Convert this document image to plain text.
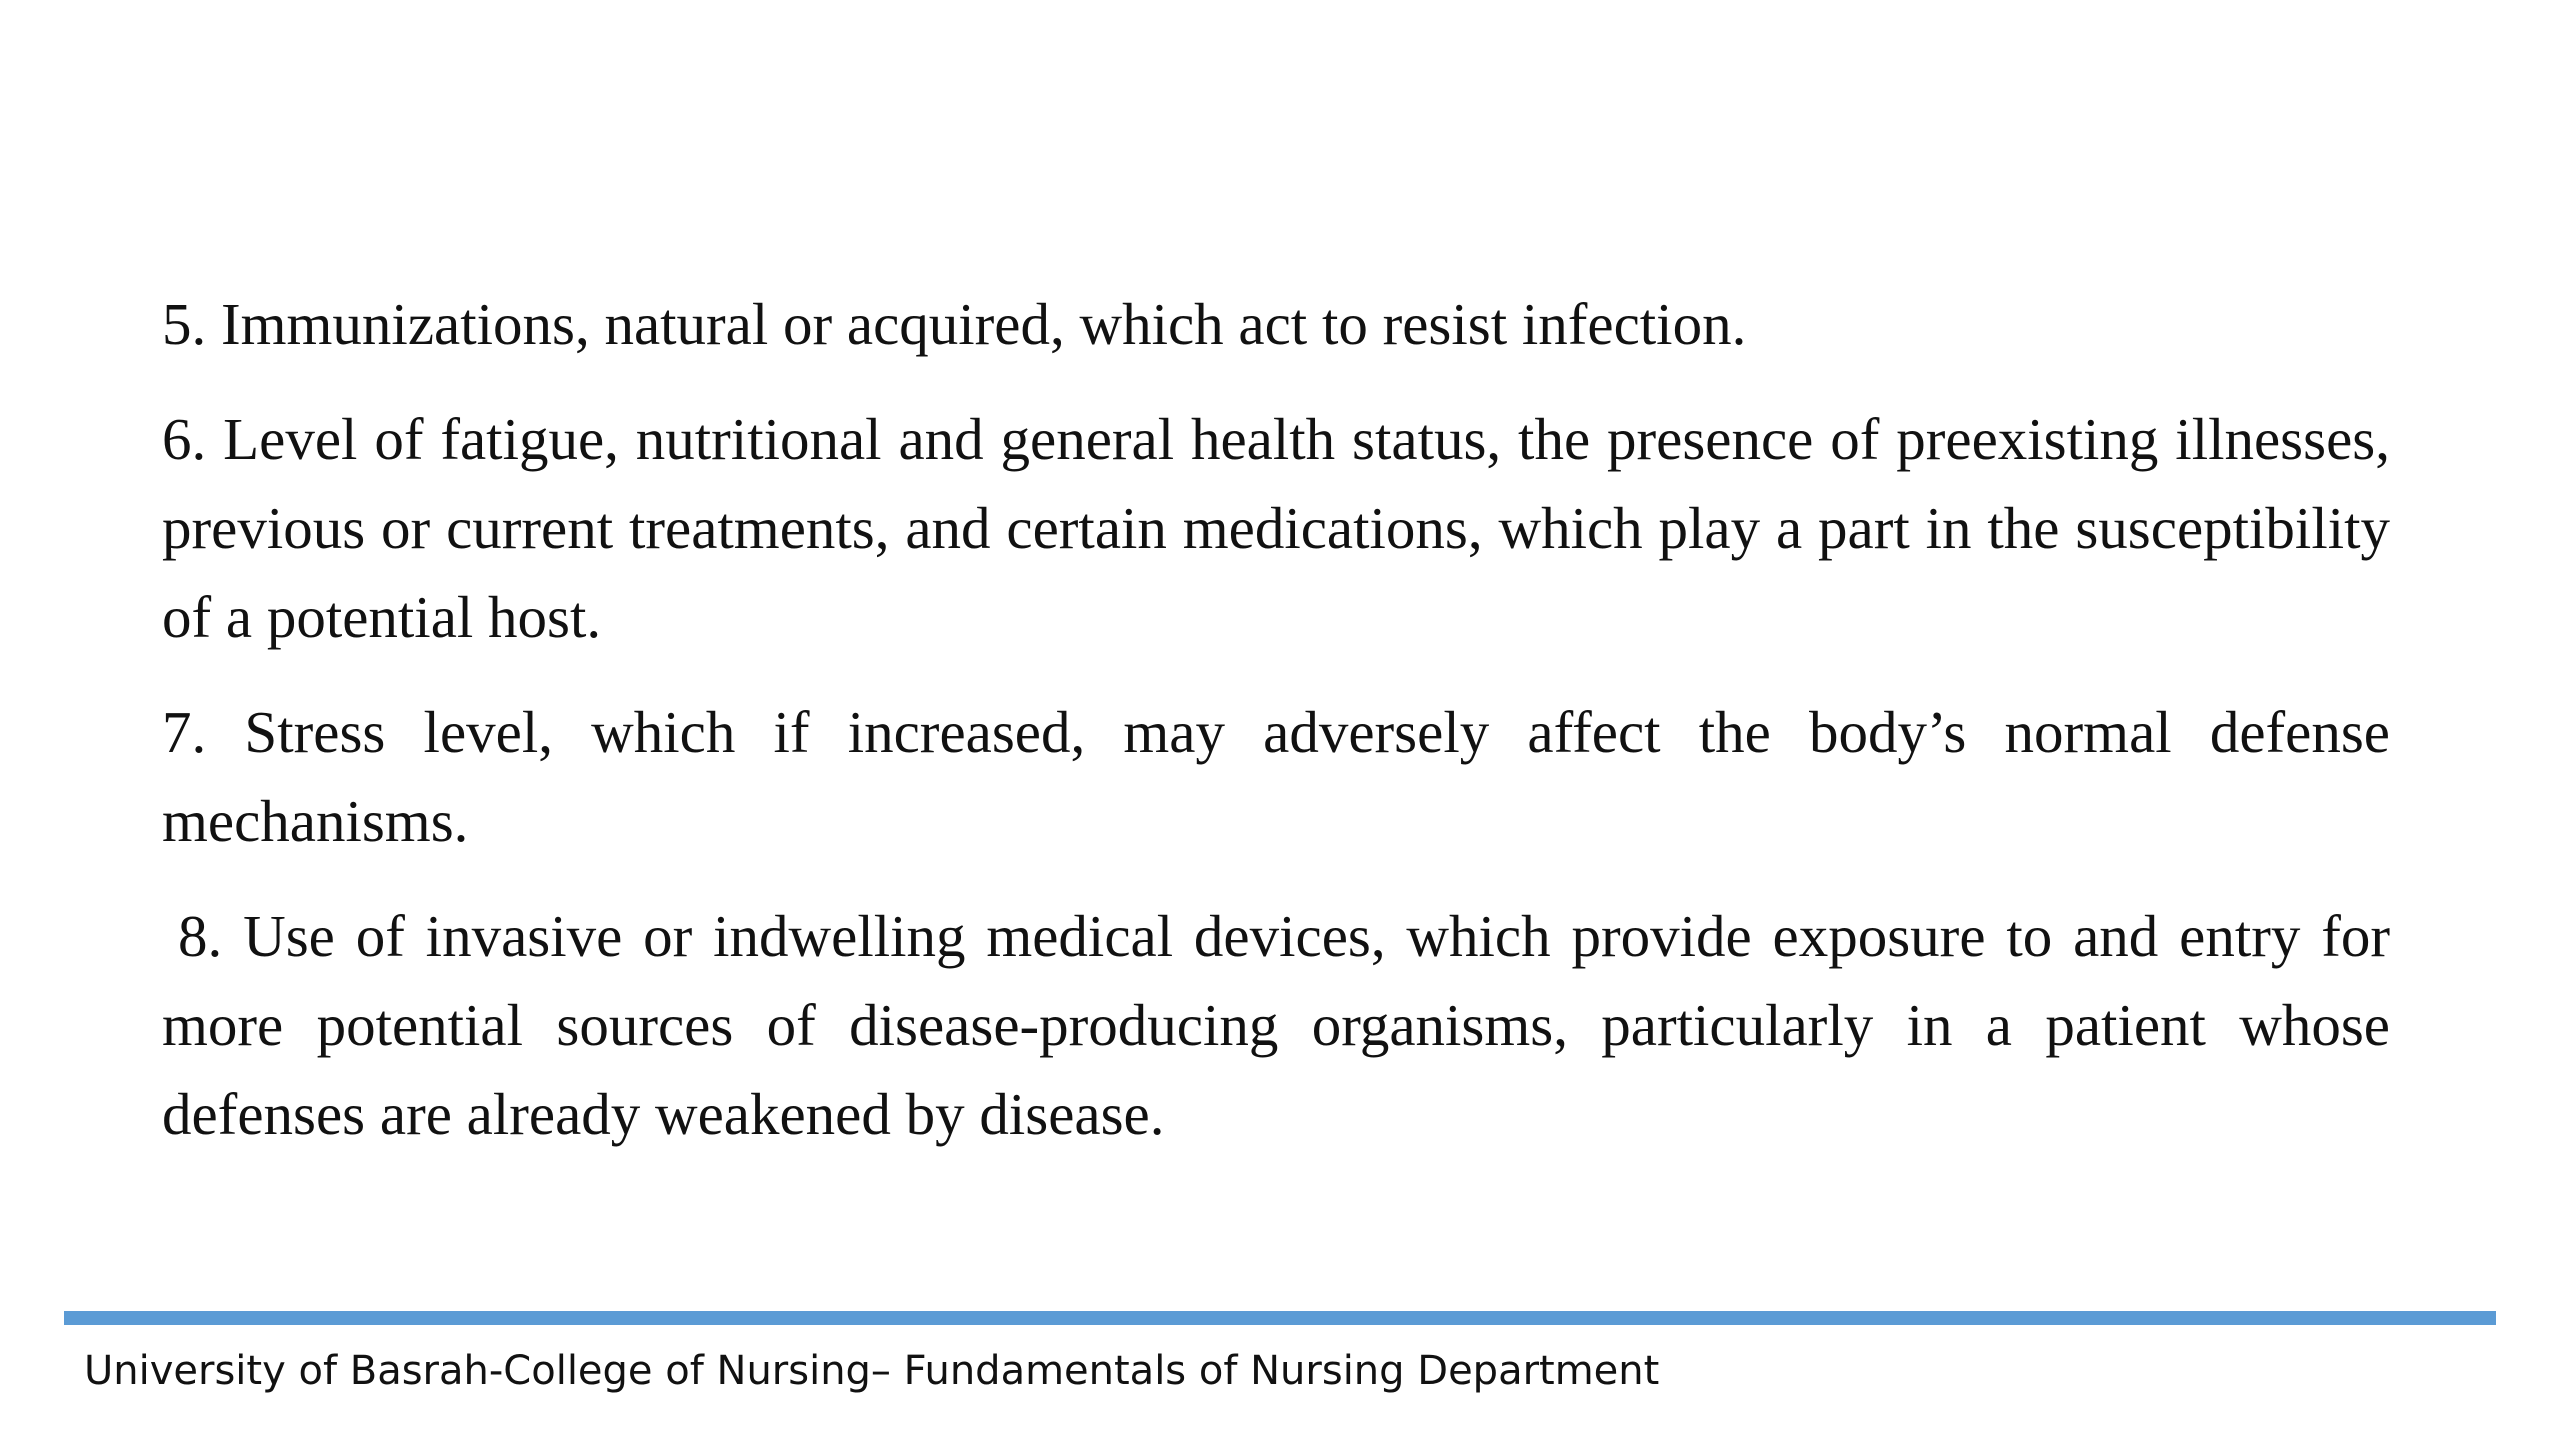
5. Immunizations, natural or acquired, which act to resist infection.

6. Level of fatigue, nutritional and general health status, the presence of preexisting illnesses, previous or current treatments, and certain medications, which play a part in the susceptibility of a potential host.

7. Stress level, which if increased, may adversely affect the body’s normal defense mechanisms.

8. Use of invasive or indwelling medical devices, which provide exposure to and entry for more potential sources of disease-producing organisms, particularly in a patient whose defenses are already weakened by disease.

University of Basrah-College of Nursing– Fundamentals of Nursing Department
